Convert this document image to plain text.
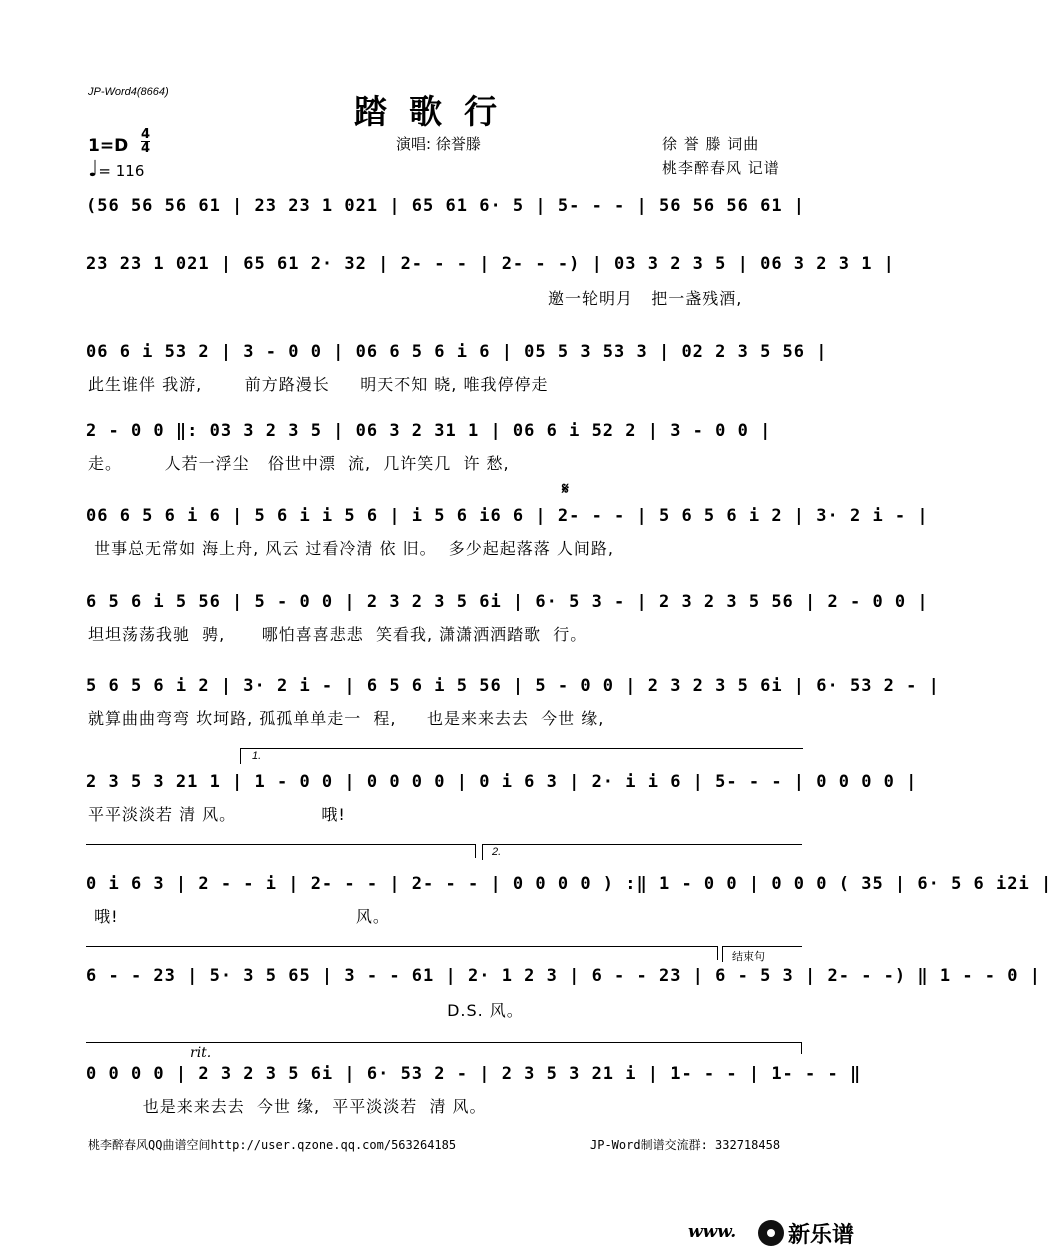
JP-Word4(8664)	踏歌行
1=D
4
4
♩= 116
演唱: 徐誉滕	徐 誉 滕 词曲
桃李醉春风 记谱
(56 56 56 61 | 23 23 1 021 | 65 61 6· 5 | 5- - - | 56 56 56 61 |
23 23 1 021 | 65 61 2· 32 | 2- - - | 2- - -) | 03 3 2 3 5 | 06 3 2 3 1 |
邀一轮明月   把一盏残酒,
06 6 i 53 2 | 3 - 0 0 | 06 6 5 6 i 6 | 05 5 3 53 3 | 02 2 3 5 56 |
此生谁伴 我游,       前方路漫长     明天不知 晓, 唯我停停走
2 - 0 0 ‖: 03 3 2 3 5 | 06 3 2 31 1 | 06 6 i 52 2 | 3 - 0 0 |
走。       人若一浮尘   俗世中漂  流,  几许笑几  许 愁,
𝄋
06 6 5 6 i 6 | 5 6 i i 5 6 | i 5 6 i6 6 | 2- - - | 5 6 5 6 i 2 | 3· 2 i - |
世事总无常如 海上舟, 风云 过看冷清 依 旧。  多少起起落落 人间路,
6 5 6 i 5 56 | 5 - 0 0 | 2 3 2 3 5 6i | 6· 5 3 - | 2 3 2 3 5 56 | 2 - 0 0 |
坦坦荡荡我驰  骋,      哪怕喜喜悲悲  笑看我, 潇潇洒洒踏歌  行。
5 6 5 6 i 2 | 3· 2 i - | 6 5 6 i 5 56 | 5 - 0 0 | 2 3 2 3 5 6i | 6· 53 2 - |
就算曲曲弯弯 坎坷路, 孤孤单单走一  程,     也是来来去去  今世 缘,
1.
2 3 5 3 21 1 | 1 - 0 0 | 0 0 0 0 | 0 i 6 3 | 2· i i 6 | 5- - - | 0 0 0 0 |
平平淡淡若 清 风。              哦!
2.
0 i 6 3 | 2 - - i | 2- - - | 2- - - | 0 0 0 0 ) :‖ 1 - 0 0 | 0 0 0 ( 35 | 6· 5 6 i2i |
哦!                                       风。
结束句
6 - - 23 | 5· 3 5 65 | 3 - - 61 | 2· 1 2 3 | 6 - - 23 | 6 - 5 3 | 2- - -) ‖ 1 - - 0 |
D.S. 风。
rit.
0 0 0 0 | 2 3 2 3 5 6i | 6· 53 2 - | 2 3 5 3 21 i | 1- - - | 1- - - ‖
也是来来去去  今世 缘,  平平淡淡若  清 风。
桃李醉春风QQ曲谱空间http://user.qzone.qq.com/563264185	JP-Word制谱交流群: 332718458
www. 新乐谱
